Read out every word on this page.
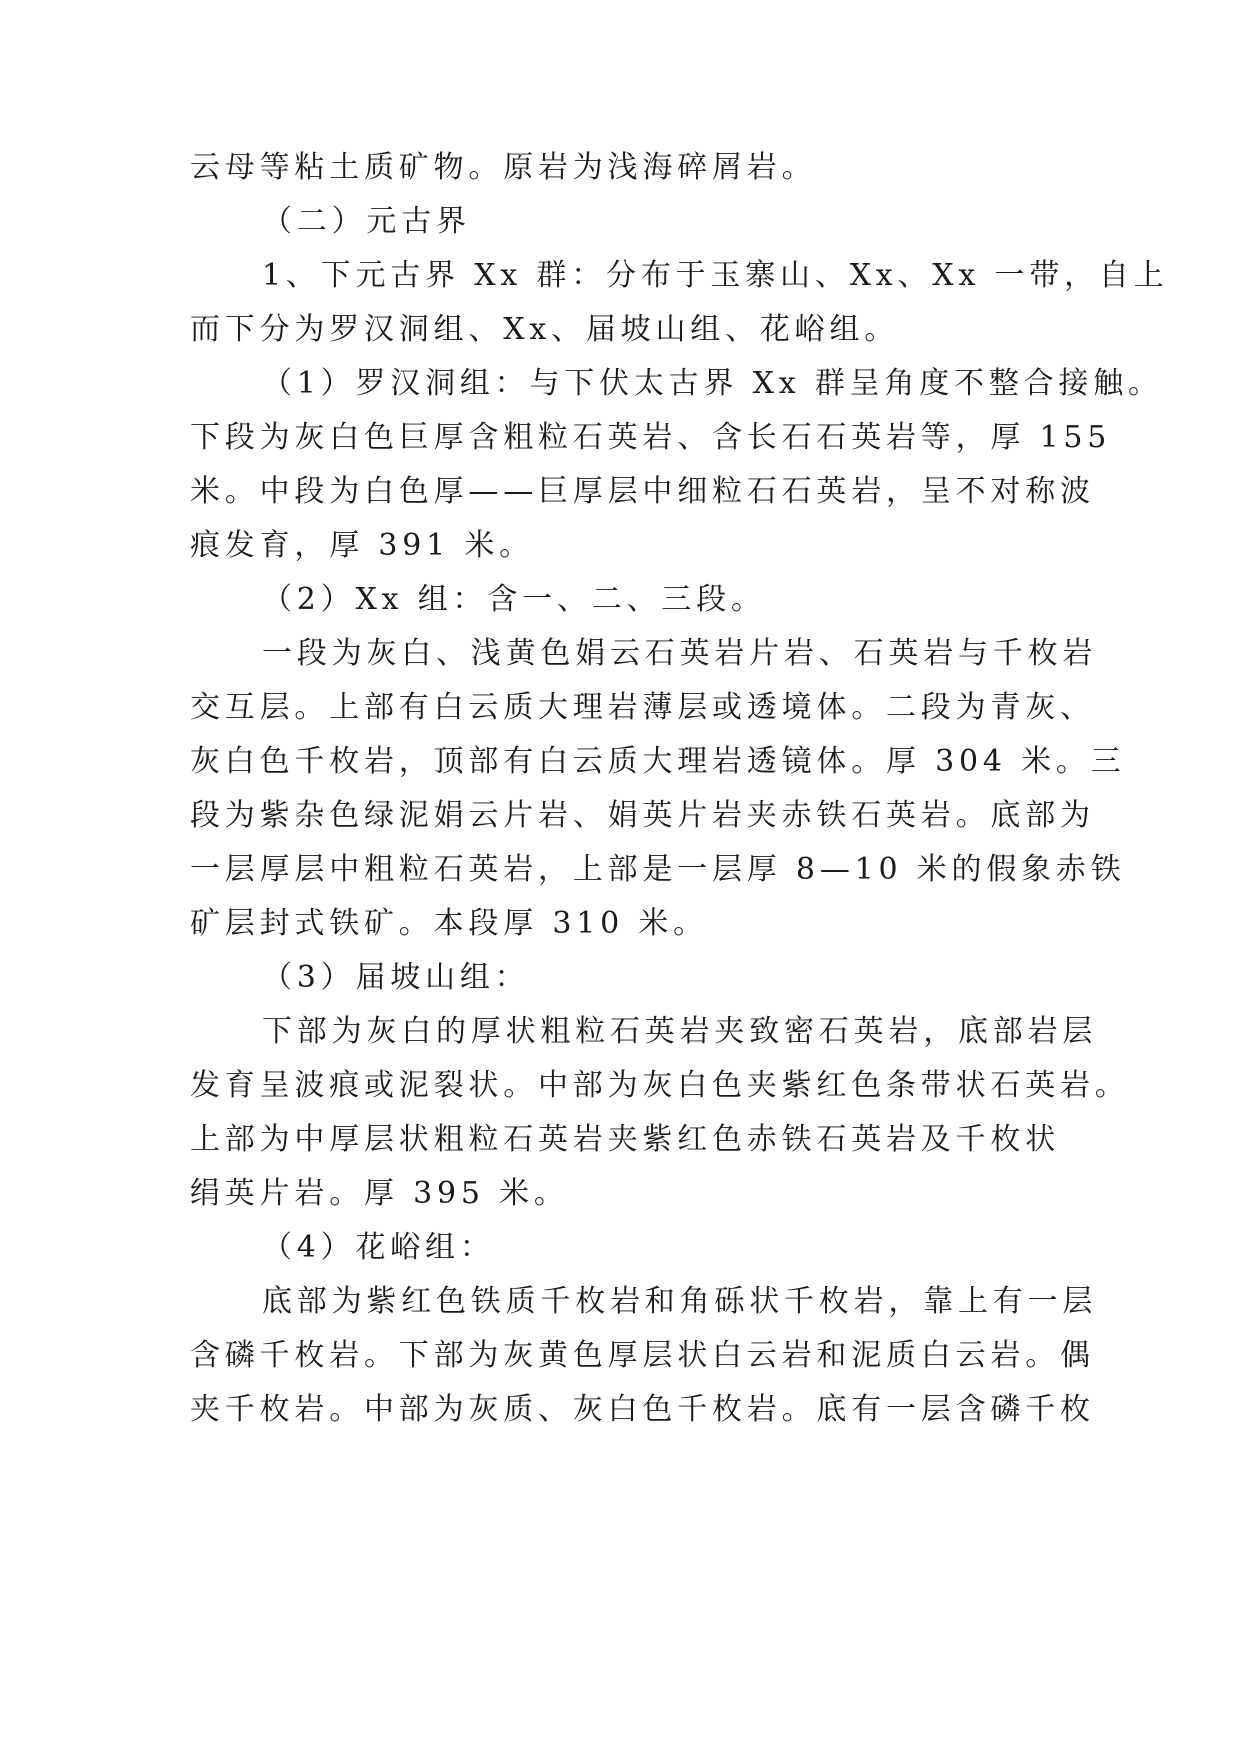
云母等粘土质矿物。原岩为浅海碎屑岩。
（二）元古界
1、下元古界 Xx 群：分布于玉寨山、Xx、Xx 一带，自上
而下分为罗汉洞组、Xx、届坡山组、花峪组。
（1）罗汉洞组：与下伏太古界 Xx 群呈角度不整合接触。
下段为灰白色巨厚含粗粒石英岩、含长石石英岩等，厚 155
米。中段为白色厚——巨厚层中细粒石石英岩，呈不对称波
痕发育，厚 391 米。
（2）Xx 组：含一、二、三段。
一段为灰白、浅黄色娟云石英岩片岩、石英岩与千枚岩
交互层。上部有白云质大理岩薄层或透境体。二段为青灰、
灰白色千枚岩，顶部有白云质大理岩透镜体。厚 304 米。三
段为紫杂色绿泥娟云片岩、娟英片岩夹赤铁石英岩。底部为
一层厚层中粗粒石英岩，上部是一层厚 8—10 米的假象赤铁
矿层封式铁矿。本段厚 310 米。
（3）届坡山组：
下部为灰白的厚状粗粒石英岩夹致密石英岩，底部岩层
发育呈波痕或泥裂状。中部为灰白色夹紫红色条带状石英岩。
上部为中厚层状粗粒石英岩夹紫红色赤铁石英岩及千枚状
绢英片岩。厚 395 米。
（4）花峪组：
底部为紫红色铁质千枚岩和角砾状千枚岩，靠上有一层
含磷千枚岩。下部为灰黄色厚层状白云岩和泥质白云岩。偶
夹千枚岩。中部为灰质、灰白色千枚岩。底有一层含磷千枚
